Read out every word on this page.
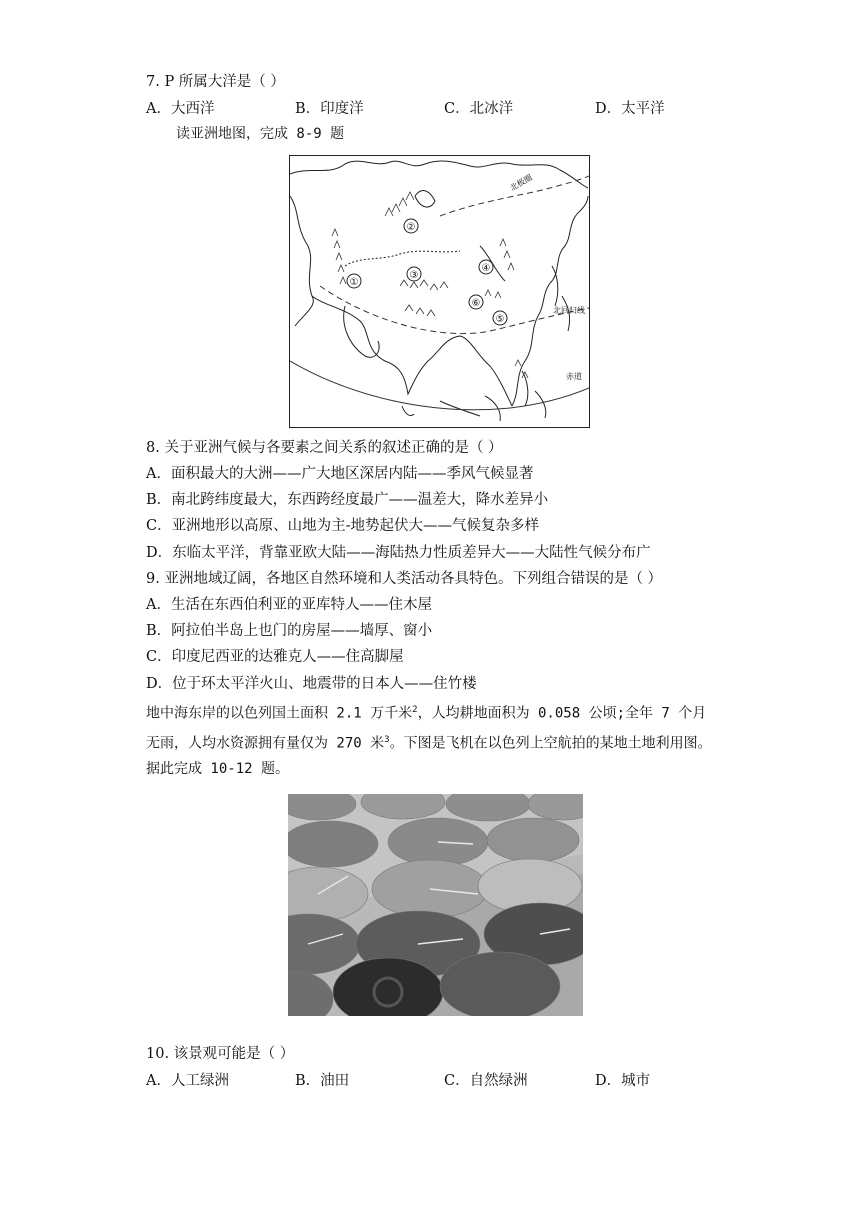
7. P 所属大洋是（ ）
A．大西洋	B．印度洋	C．北冰洋	D．太平洋
读亚洲地图，完成 8-9 题
①
②
③
④
⑤
⑥
北极圈
北回归线
赤道
8. 关于亚洲气候与各要素之间关系的叙述正确的是（ ）
A．面积最大的大洲——广大地区深居内陆——季风气候显著
B．南北跨纬度最大，东西跨经度最广——温差大，降水差异小
C．亚洲地形以高原、山地为主-地势起伏大——气候复杂多样
D．东临太平洋，背靠亚欧大陆——海陆热力性质差异大——大陆性气候分布广
9. 亚洲地域辽阔，各地区自然环境和人类活动各具特色。下列组合错误的是（ ）
A．生活在东西伯利亚的亚库特人——住木屋
B．阿拉伯半岛上也门的房屋——墙厚、窗小
C．印度尼西亚的达雅克人——住高脚屋
D．位于环太平洋火山、地震带的日本人——住竹楼
地中海东岸的以色列国土面积 2.1 万千米$^2$，人均耕地面积为 0.058 公顷;全年 7 个月无雨，人均水资源拥有量仅为 270 米$^3$。下图是飞机在以色列上空航拍的某地土地利用图。据此完成 10-12 题。
10. 该景观可能是（ ）
A．人工绿洲	B．油田	C．自然绿洲	D．城市
